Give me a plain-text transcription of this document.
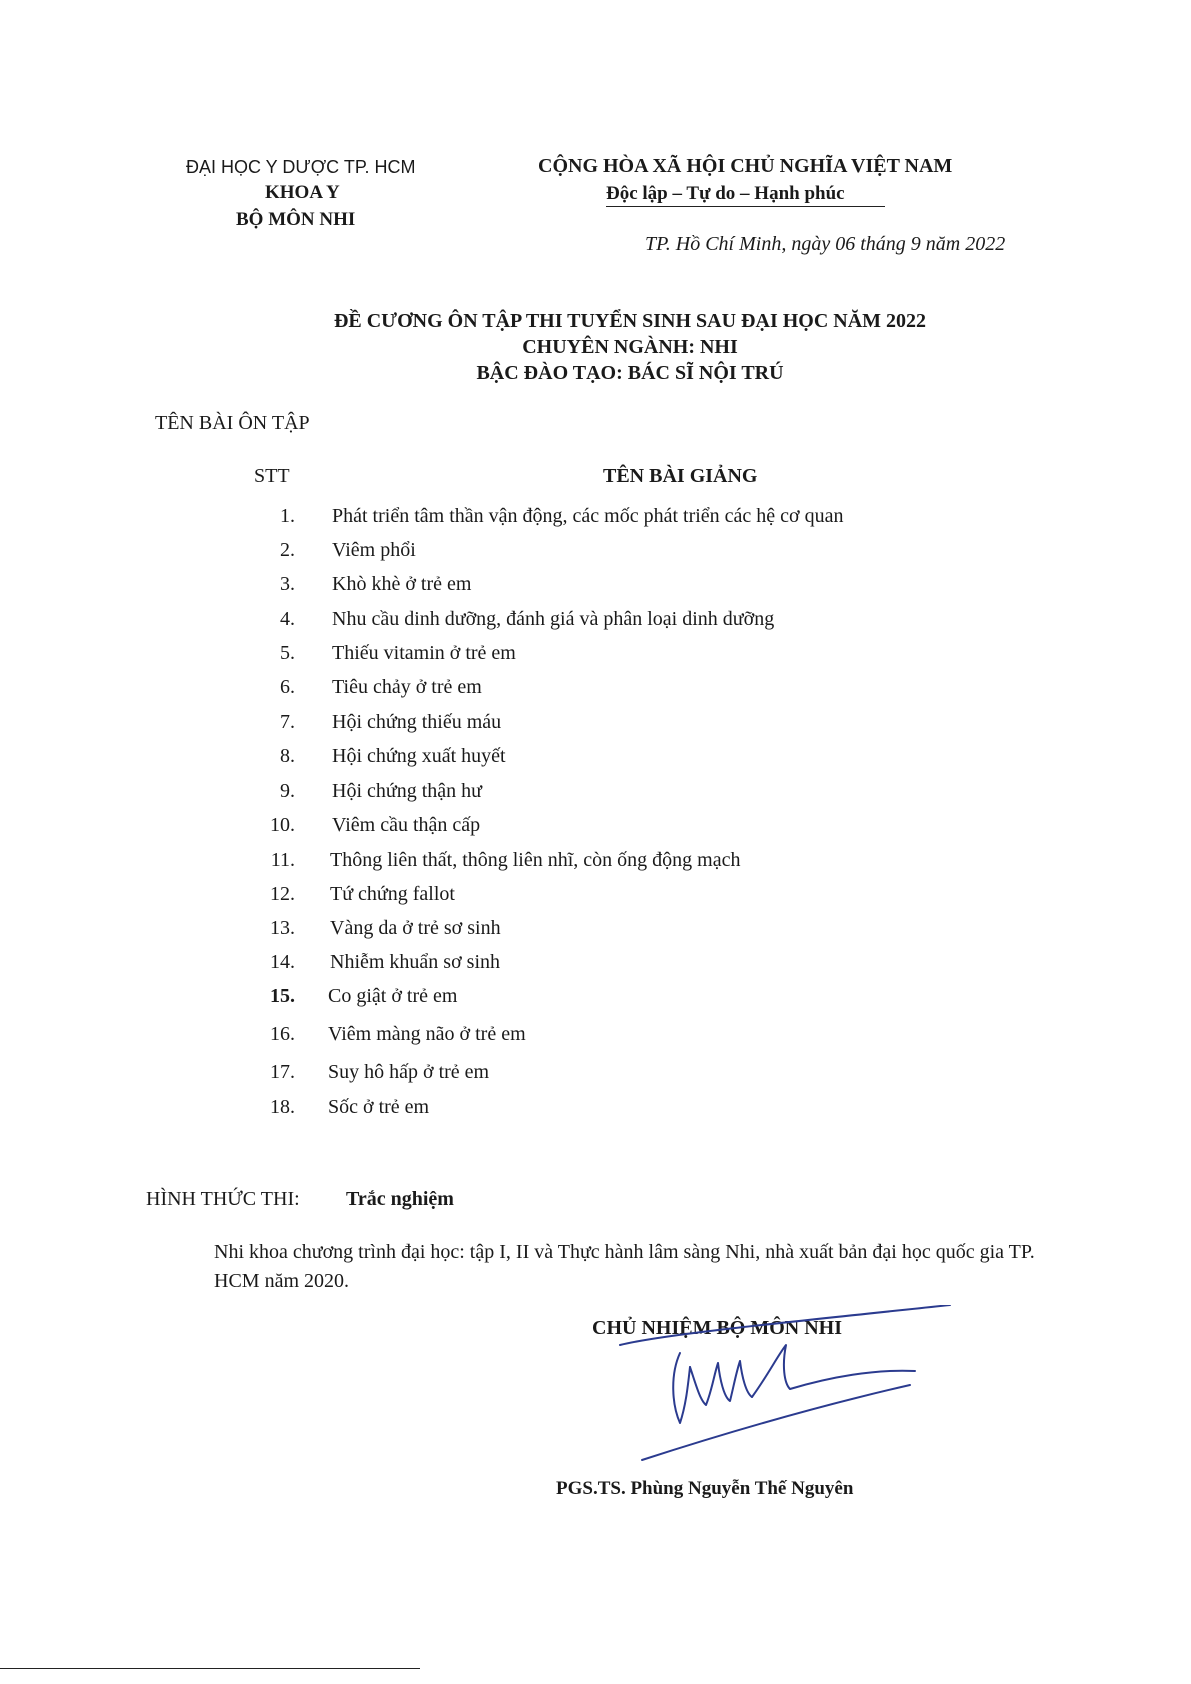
ĐẠI HỌC Y DƯỢC TP. HCM
KHOA Y
BỘ MÔN NHI
CỘNG HÒA XÃ HỘI CHỦ NGHĨA VIỆT NAM
Độc lập – Tự do – Hạnh phúc
TP. Hồ Chí Minh, ngày 06 tháng 9 năm 2022
ĐỀ CƯƠNG ÔN TẬP THI TUYỂN SINH SAU ĐẠI HỌC NĂM 2022
CHUYÊN NGÀNH: NHI
BẬC ĐÀO TẠO: BÁC SĨ NỘI TRÚ
TÊN BÀI ÔN TẬP
STT	TÊN BÀI GIẢNG
1. Phát triển tâm thần vận động, các mốc phát triển các hệ cơ quan
2. Viêm phổi
3. Khò khè ở trẻ em
4. Nhu cầu dinh dưỡng, đánh giá và phân loại dinh dưỡng
5. Thiếu vitamin ở trẻ em
6. Tiêu chảy ở trẻ em
7. Hội chứng thiếu máu
8. Hội chứng xuất huyết
9. Hội chứng thận hư
10. Viêm cầu thận cấp
11. Thông liên thất, thông liên nhĩ, còn ống động mạch
12. Tứ chứng fallot
13. Vàng da ở trẻ sơ sinh
14. Nhiễm khuẩn sơ sinh
15. Co giật ở trẻ em
16. Viêm màng não ở trẻ em
17. Suy hô hấp ở trẻ em
18. Sốc ở trẻ em
HÌNH THỨC THI: Trắc nghiệm
Nhi khoa chương trình đại học: tập I, II và Thực hành lâm sàng Nhi, nhà xuất bản đại học quốc gia TP. HCM năm 2020.
CHỦ NHIỆM BỘ MÔN NHI
PGS.TS. Phùng Nguyễn Thế Nguyên
